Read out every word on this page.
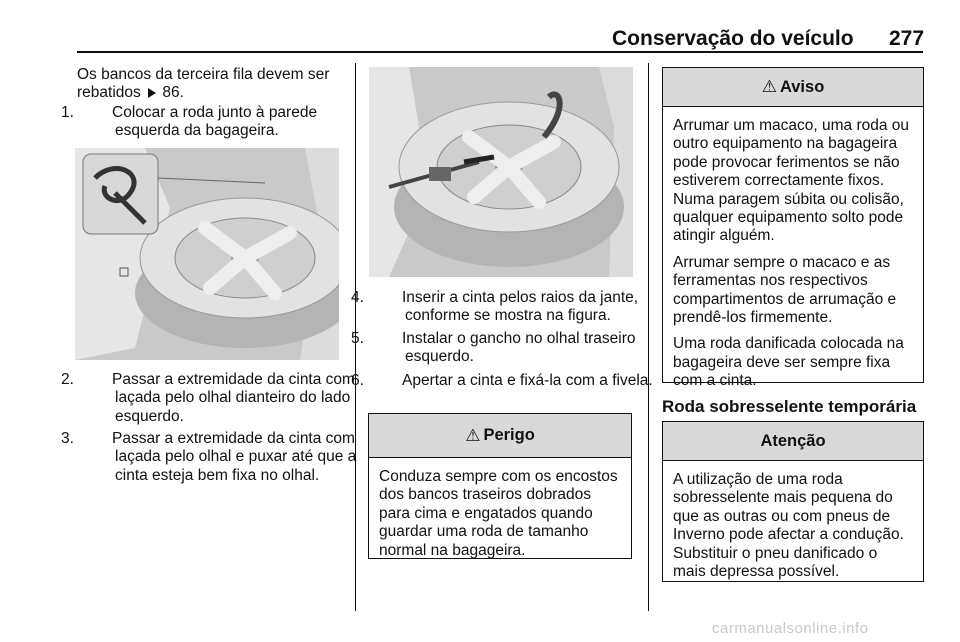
Conservação do veículo 277
Os bancos da terceira fila devem ser rebatidos 86.
1. Colocar a roda junto à parede esquerda da bagageira.
2. Passar a extremidade da cinta com laçada pelo olhal dianteiro do lado esquerdo.
3. Passar a extremidade da cinta com laçada pelo olhal e puxar até que a cinta esteja bem fixa no olhal.
4. Inserir a cinta pelos raios da jante, conforme se mostra na figura.
5. Instalar o gancho no olhal traseiro esquerdo.
6. Apertar a cinta e fixá-la com a fivela.
⚠ Perigo

Conduza sempre com os encostos dos bancos traseiros dobrados para cima e engatados quando guardar uma roda de tamanho normal na bagageira.

⚠ Aviso

Arrumar um macaco, uma roda ou outro equipamento na bagageira pode provocar ferimentos se não estiverem correctamente fixos. Numa paragem súbita ou colisão, qualquer equipamento solto pode atingir alguém.

Arrumar sempre o macaco e as ferramentas nos respectivos compartimentos de arrumação e prendê-los firmemente.

Uma roda danificada colocada na bagageira deve ser sempre fixa com a cinta.

Roda sobresselente temporária
Atenção

A utilização de uma roda sobresselente mais pequena do que as outras ou com pneus de Inverno pode afectar a condução. Substituir o pneu danificado o mais depressa possível.

carmanualsonline.info
